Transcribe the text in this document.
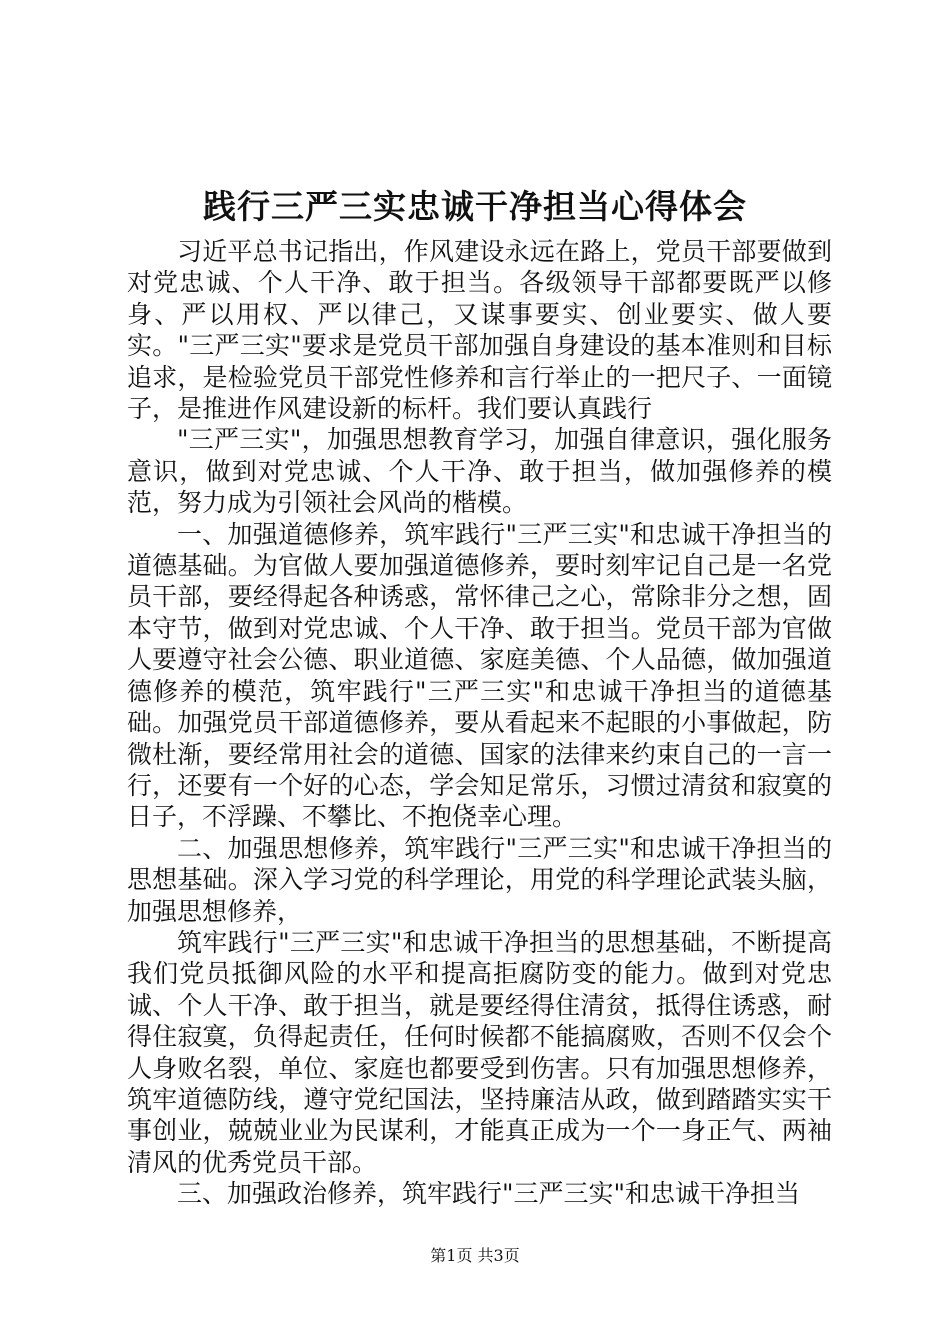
践行三严三实忠诚干净担当心得体会

习近平总书记指出，作风建设永远在路上，党员干部要做到对党忠诚、个人干净、敢于担当。各级领导干部都要既严以修身、严以用权、严以律己，又谋事要实、创业要实、做人要实。"三严三实"要求是党员干部加强自身建设的基本准则和目标追求，是检验党员干部党性修养和言行举止的一把尺子、一面镜子，是推进作风建设新的标杆。我们要认真践行

"三严三实"，加强思想教育学习，加强自律意识，强化服务意识，做到对党忠诚、个人干净、敢于担当，做加强修养的模范，努力成为引领社会风尚的楷模。

一、加强道德修养，筑牢践行"三严三实"和忠诚干净担当的道德基础。为官做人要加强道德修养，要时刻牢记自己是一名党员干部，要经得起各种诱惑，常怀律己之心，常除非分之想，固本守节，做到对党忠诚、个人干净、敢于担当。党员干部为官做人要遵守社会公德、职业道德、家庭美德、个人品德，做加强道德修养的模范，筑牢践行"三严三实"和忠诚干净担当的道德基础。加强党员干部道德修养，要从看起来不起眼的小事做起，防微杜渐，要经常用社会的道德、国家的法律来约束自己的一言一行，还要有一个好的心态，学会知足常乐，习惯过清贫和寂寞的日子，不浮躁、不攀比、不抱侥幸心理。

二、加强思想修养，筑牢践行"三严三实"和忠诚干净担当的思想基础。深入学习党的科学理论，用党的科学理论武装头脑，加强思想修养，

筑牢践行"三严三实"和忠诚干净担当的思想基础，不断提高我们党员抵御风险的水平和提高拒腐防变的能力。做到对党忠诚、个人干净、敢于担当，就是要经得住清贫，抵得住诱惑，耐得住寂寞，负得起责任，任何时候都不能搞腐败，否则不仅会个人身败名裂，单位、家庭也都要受到伤害。只有加强思想修养，筑牢道德防线，遵守党纪国法，坚持廉洁从政，做到踏踏实实干事创业，兢兢业业为民谋利，才能真正成为一个一身正气、两袖清风的优秀党员干部。

三、加强政治修养，筑牢践行"三严三实"和忠诚干净担当

第1页 共3页
